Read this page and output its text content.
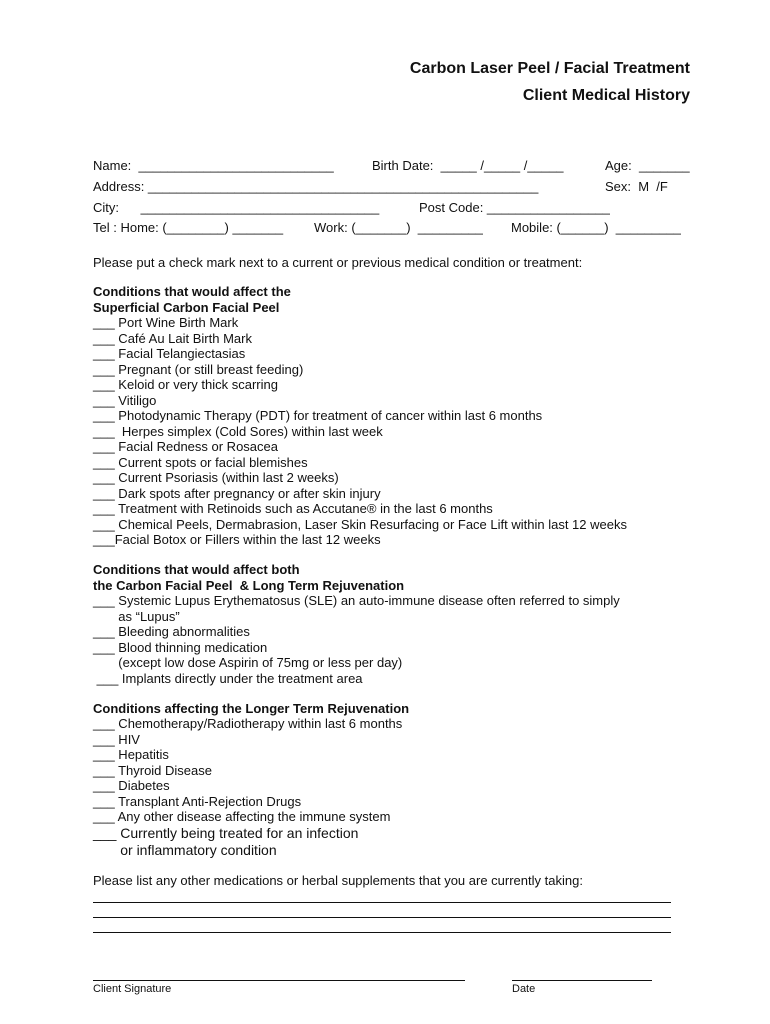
Carbon Laser Peel / Facial Treatment
Client Medical History
Name:  ___________________________	Birth Date:  _____ /_____ /_____	Age:  _______
Address: ______________________________________________________	Sex:  M  /F
City:      _________________________________	Post Code: _________________
Tel : Home: (________) _______ Work: (_______)  _________ Mobile: (______)  _________
Please put a check mark next to a current or previous medical condition or treatment:
Conditions that would affect the
Superficial Carbon Facial Peel
___ Port Wine Birth Mark
___ Café Au Lait Birth Mark
___ Facial Telangiectasias
___ Pregnant (or still breast feeding)
___ Keloid or very thick scarring
___ Vitiligo
___ Photodynamic Therapy (PDT) for treatment of cancer within last 6 months
___  Herpes simplex (Cold Sores) within last week
___ Facial Redness or Rosacea
___ Current spots or facial blemishes
___ Current Psoriasis (within last 2 weeks)
___ Dark spots after pregnancy or after skin injury
___ Treatment with Retinoids such as Accutane® in the last 6 months
___ Chemical Peels, Dermabrasion, Laser Skin Resurfacing or Face Lift within last 12 weeks
___Facial Botox or Fillers within the last 12 weeks
Conditions that would affect both
the Carbon Facial Peel  & Long Term Rejuvenation
___ Systemic Lupus Erythematosus (SLE) an auto-immune disease often referred to simply
as “Lupus”
___ Bleeding abnormalities
___ Blood thinning medication
(except low dose Aspirin of 75mg or less per day)
___ Implants directly under the treatment area
Conditions affecting the Longer Term Rejuvenation
___ Chemotherapy/Radiotherapy within last 6 months
___ HIV
___ Hepatitis
___ Thyroid Disease
___ Diabetes
___ Transplant Anti-Rejection Drugs
___ Any other disease affecting the immune system
___ Currently being treated for an infection
or inflammatory condition
Please list any other medications or herbal supplements that you are currently taking:
Client Signature	Date
